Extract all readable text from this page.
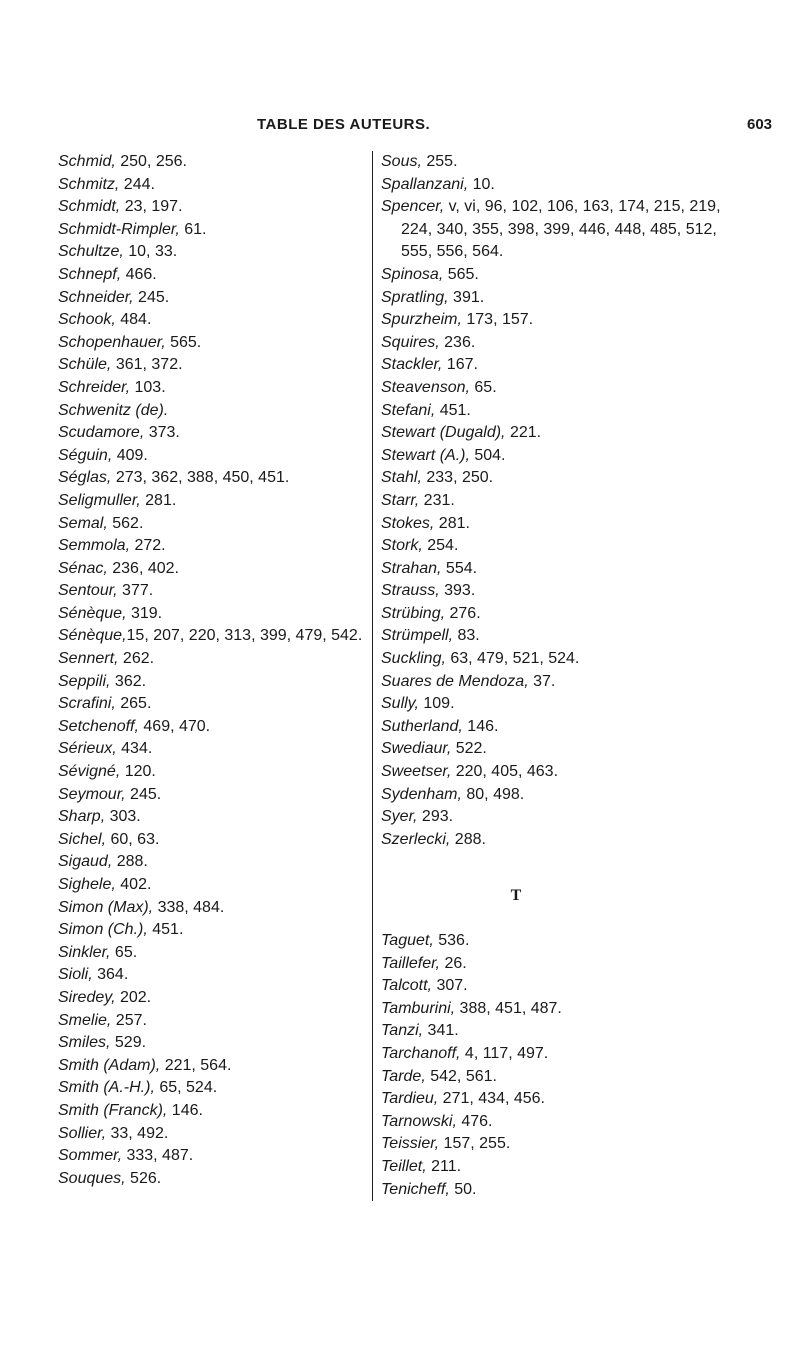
TABLE DES AUTEURS.	603
Schmid, 250, 256.
Schmitz, 244.
Schmidt, 23, 197.
Schmidt-Rimpler, 61.
Schultze, 10, 33.
Schnepf, 466.
Schneider, 245.
Schook, 484.
Schopenhauer, 565.
Schüle, 361, 372.
Schreider, 103.
Schwenitz (de).
Scudamore, 373.
Séguin, 409.
Séglas, 273, 362, 388, 450, 451.
Seligmuller, 281.
Semal, 562.
Semmola, 272.
Sénac, 236, 402.
Sentour, 377.
Sénèque, 319.
Sénèque,15, 207, 220, 313, 399, 479, 542.
Sennert, 262.
Seppili, 362.
Scrafini, 265.
Setchenoff, 469, 470.
Sérieux, 434.
Sévigné, 120.
Seymour, 245.
Sharp, 303.
Sichel, 60, 63.
Sigaud, 288.
Sighele, 402.
Simon (Max), 338, 484.
Simon (Ch.), 451.
Sinkler, 65.
Sioli, 364.
Siredey, 202.
Smelie, 257.
Smiles, 529.
Smith (Adam), 221, 564.
Smith (A.-H.), 65, 524.
Smith (Franck), 146.
Sollier, 33, 492.
Sommer, 333, 487.
Souques, 526.
Sous, 255.
Spallanzani, 10.
Spencer, v, vi, 96, 102, 106, 163, 174, 215, 219, 224, 340, 355, 398, 399, 446, 448, 485, 512, 555, 556, 564.
Spinosa, 565.
Spratling, 391.
Spurzheim, 173, 157.
Squires, 236.
Stackler, 167.
Steavenson, 65.
Stefani, 451.
Stewart (Dugald), 221.
Stewart (A.), 504.
Stahl, 233, 250.
Starr, 231.
Stokes, 281.
Stork, 254.
Strahan, 554.
Strauss, 393.
Strübing, 276.
Strümpell, 83.
Suckling, 63, 479, 521, 524.
Suares de Mendoza, 37.
Sully, 109.
Sutherland, 146.
Swediaur, 522.
Sweetser, 220, 405, 463.
Sydenham, 80, 498.
Syer, 293.
Szerlecki, 288.
T
Taguet, 536.
Taillefer, 26.
Talcott, 307.
Tamburini, 388, 451, 487.
Tanzi, 341.
Tarchanoff, 4, 117, 497.
Tarde, 542, 561.
Tardieu, 271, 434, 456.
Tarnowski, 476.
Teissier, 157, 255.
Teillet, 211.
Tenicheff, 50.
